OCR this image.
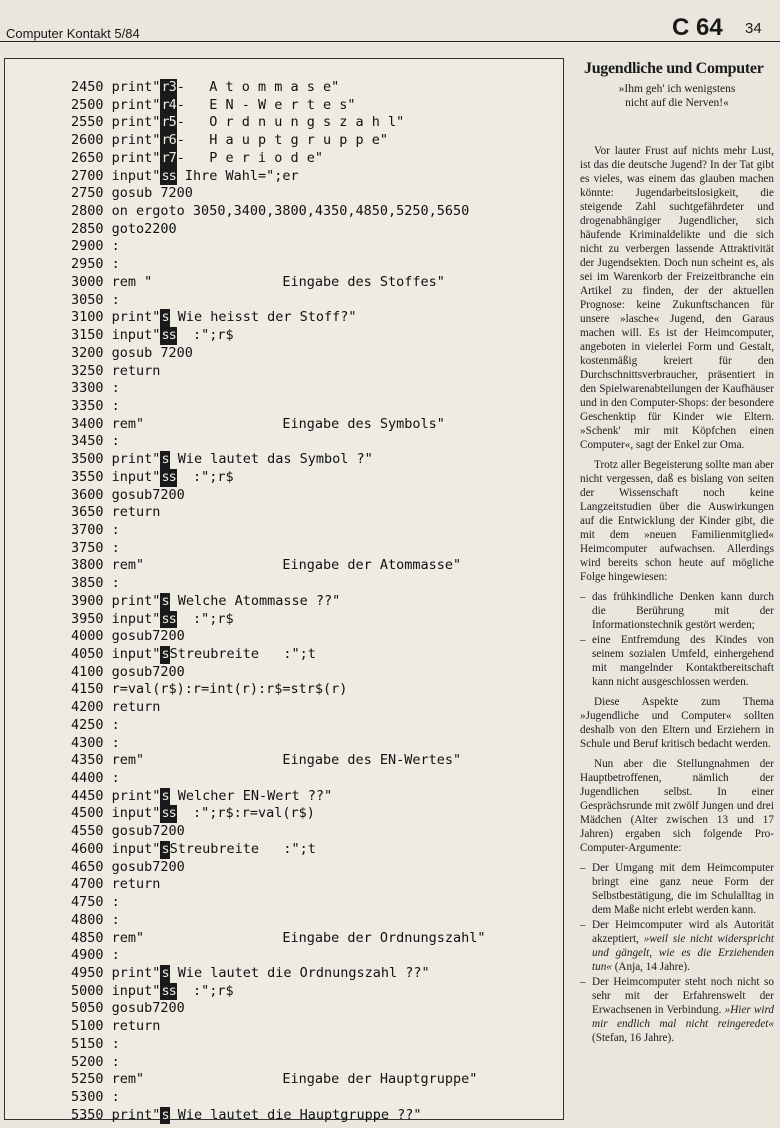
Computer Kontakt 5/84	C 64 34
2450 print"r3-   A t o m m a s e"
2500 print"r4-   E N - W e r t e s"
2550 print"r5-   O r d n u n g s z a h l"
2600 print"r6-   H a u p t g r u p p e"
2650 print"r7-   P e r i o d e"
2700 input"ss Ihre Wahl=";er
2750 gosub 7200
2800 on ergoto 3050,3400,3800,4350,4850,5250,5650
2850 goto2200
2900 :
2950 :
3000 rem "                Eingabe des Stoffes"
3050 :
3100 print"s Wie heisst der Stoff?"
3150 input"ss  :";r$
3200 gosub 7200
3250 return
3300 :
3350 :
3400 rem"                 Eingabe des Symbols"
3450 :
3500 print"s Wie lautet das Symbol ?"
3550 input"ss  :";r$
3600 gosub7200
3650 return
3700 :
3750 :
3800 rem"                 Eingabe der Atommasse"
3850 :
3900 print"s Welche Atommasse ??"
3950 input"ss  :";r$
4000 gosub7200
4050 input"sStreubreite   :";t
4100 gosub7200
4150 r=val(r$):r=int(r):r$=str$(r)
4200 return
4250 :
4300 :
4350 rem"                 Eingabe des EN-Wertes"
4400 :
4450 print"s Welcher EN-Wert ??"
4500 input"ss  :";r$:r=val(r$)
4550 gosub7200
4600 input"sStreubreite   :";t
4650 gosub7200
4700 return
4750 :
4800 :
4850 rem"                 Eingabe der Ordnungszahl"
4900 :
4950 print"s Wie lautet die Ordnungszahl ??"
5000 input"ss  :";r$
5050 gosub7200
5100 return
5150 :
5200 :
5250 rem"                 Eingabe der Hauptgruppe"
5300 :
5350 print"s Wie lautet die Hauptgruppe ??"
Jugendliche und Computer
»Ihm geh' ich wenigstens
nicht auf die Nerven!«

Vor lauter Frust auf nichts mehr Lust, ist das die deutsche Jugend? In der Tat gibt es vieles, was einem das glauben machen könnte: Jugendarbeitslosigkeit, die steigende Zahl suchtgefährdeter und drogenabhängiger Jugendlicher, sich häufende Kriminaldelikte und die sich nicht zu verbergen lassende Attraktivität der Jugendsekten. Doch nun scheint es, als sei im Warenkorb der Freizeitbranche ein Artikel zu finden, der der aktuellen Prognose: keine Zukunftschancen für unsere »lasche« Jugend, den Garaus machen will. Es ist der Heimcomputer, angeboten in vielerlei Form und Gestalt, kostenmäßig kreiert für den Durchschnittsverbraucher, präsentiert in den Spielwarenabteilungen der Kaufhäuser und in den Computer-Shops: der besondere Geschenktip für Kinder wie Eltern. »Schenk' mir mit Köpfchen einen Computer«, sagt der Enkel zur Oma.

Trotz aller Begeisterung sollte man aber nicht vergessen, daß es bislang von seiten der Wissenschaft noch keine Langzeitstudien über die Auswirkungen auf die Entwicklung der Kinder gibt, die mit dem »neuen Familienmitglied« Heimcomputer aufwachsen. Allerdings wird bereits schon heute auf mögliche Folge hingewiesen:

– das frühkindliche Denken kann durch die Berührung mit der Informationstechnik gestört werden;
– eine Entfremdung des Kindes von seinem sozialen Umfeld, einhergehend mit mangelnder Kontaktbereitschaft kann nicht ausgeschlossen werden.

Diese Aspekte zum Thema »Jugendliche und Computer« sollten deshalb von den Eltern und Erziehern in Schule und Beruf kritisch bedacht werden.

Nun aber die Stellungnahmen der Hauptbetroffenen, nämlich der Jugendlichen selbst. In einer Gesprächsrunde mit zwölf Jungen und drei Mädchen (Alter zwischen 13 und 17 Jahren) ergaben sich folgende Pro-Computer-Argumente:

– Der Umgang mit dem Heimcomputer bringt eine ganz neue Form der Selbstbestätigung, die im Schulalltag in dem Maße nicht erlebt werden kann.
– Der Heimcomputer wird als Autorität akzeptiert, »weil sie nicht widerspricht und gängelt, wie es die Erziehenden tun« (Anja, 14 Jahre).
– Der Heimcomputer steht noch nicht so sehr mit der Erfahrenswelt der Erwachsenen in Verbindung. »Hier wird mir endlich mal nicht reingeredet« (Stefan, 16 Jahre).
